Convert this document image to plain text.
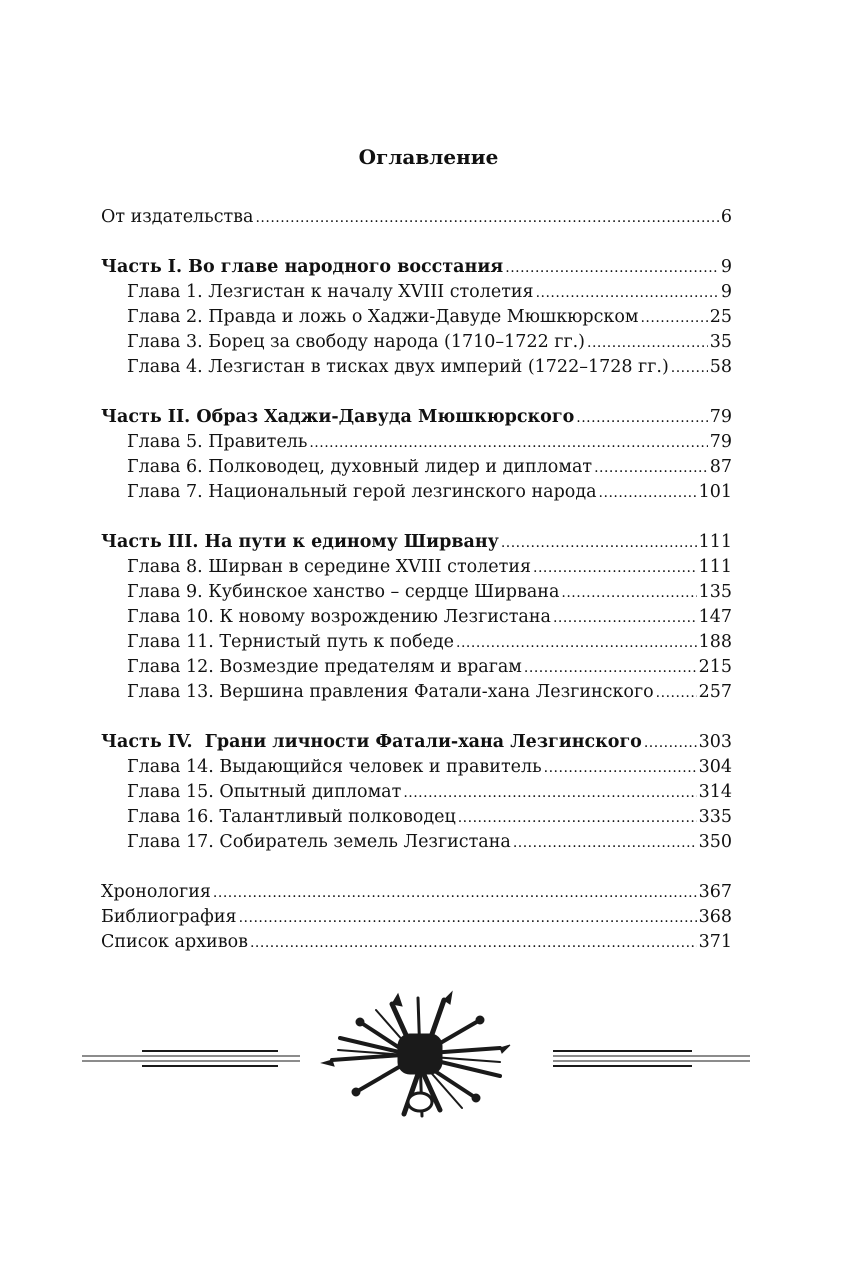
Оглавление
От издательства .....	6
Часть I. Во главе народного восстания .....	9
Глава 1. Лезгистан к началу XVIII столетия .....	9
Глава 2. Правда и ложь о Хаджи-Давуде Мюшкюрском .....	25
Глава 3. Борец за свободу народа (1710–1722 гг.) .....	35
Глава 4. Лезгистан в тисках двух империй (1722–1728 гг.) ..... 58
Часть II. Образ Хаджи-Давуда Мюшкюрского .....	79
Глава 5. Правитель .....	79
Глава 6. Полководец, духовный лидер и дипломат .....	87
Глава 7. Национальный герой лезгинского народа .....	101
Часть III. На пути к единому Ширвану .....	111
Глава 8. Ширван в середине XVIII столетия .....	111
Глава 9. Кубинское ханство – сердце Ширвана .....	135
Глава 10. К новому возрождению Лезгистана .....	147
Глава 11. Тернистый путь к победе .....	188
Глава 12. Возмездие предателям и врагам .....	215
Глава 13. Вершина правления Фатали-хана Лезгинского .....	257
Часть IV.  Грани личности Фатали-хана Лезгинского .....	303
Глава 14. Выдающийся человек и правитель .....	304
Глава 15. Опытный дипломат .....	314
Глава 16. Талантливый полководец .....	335
Глава 17. Собиратель земель Лезгистана .....	350
Хронология .....	367
Библиография .....	368
Список архивов .....	371
